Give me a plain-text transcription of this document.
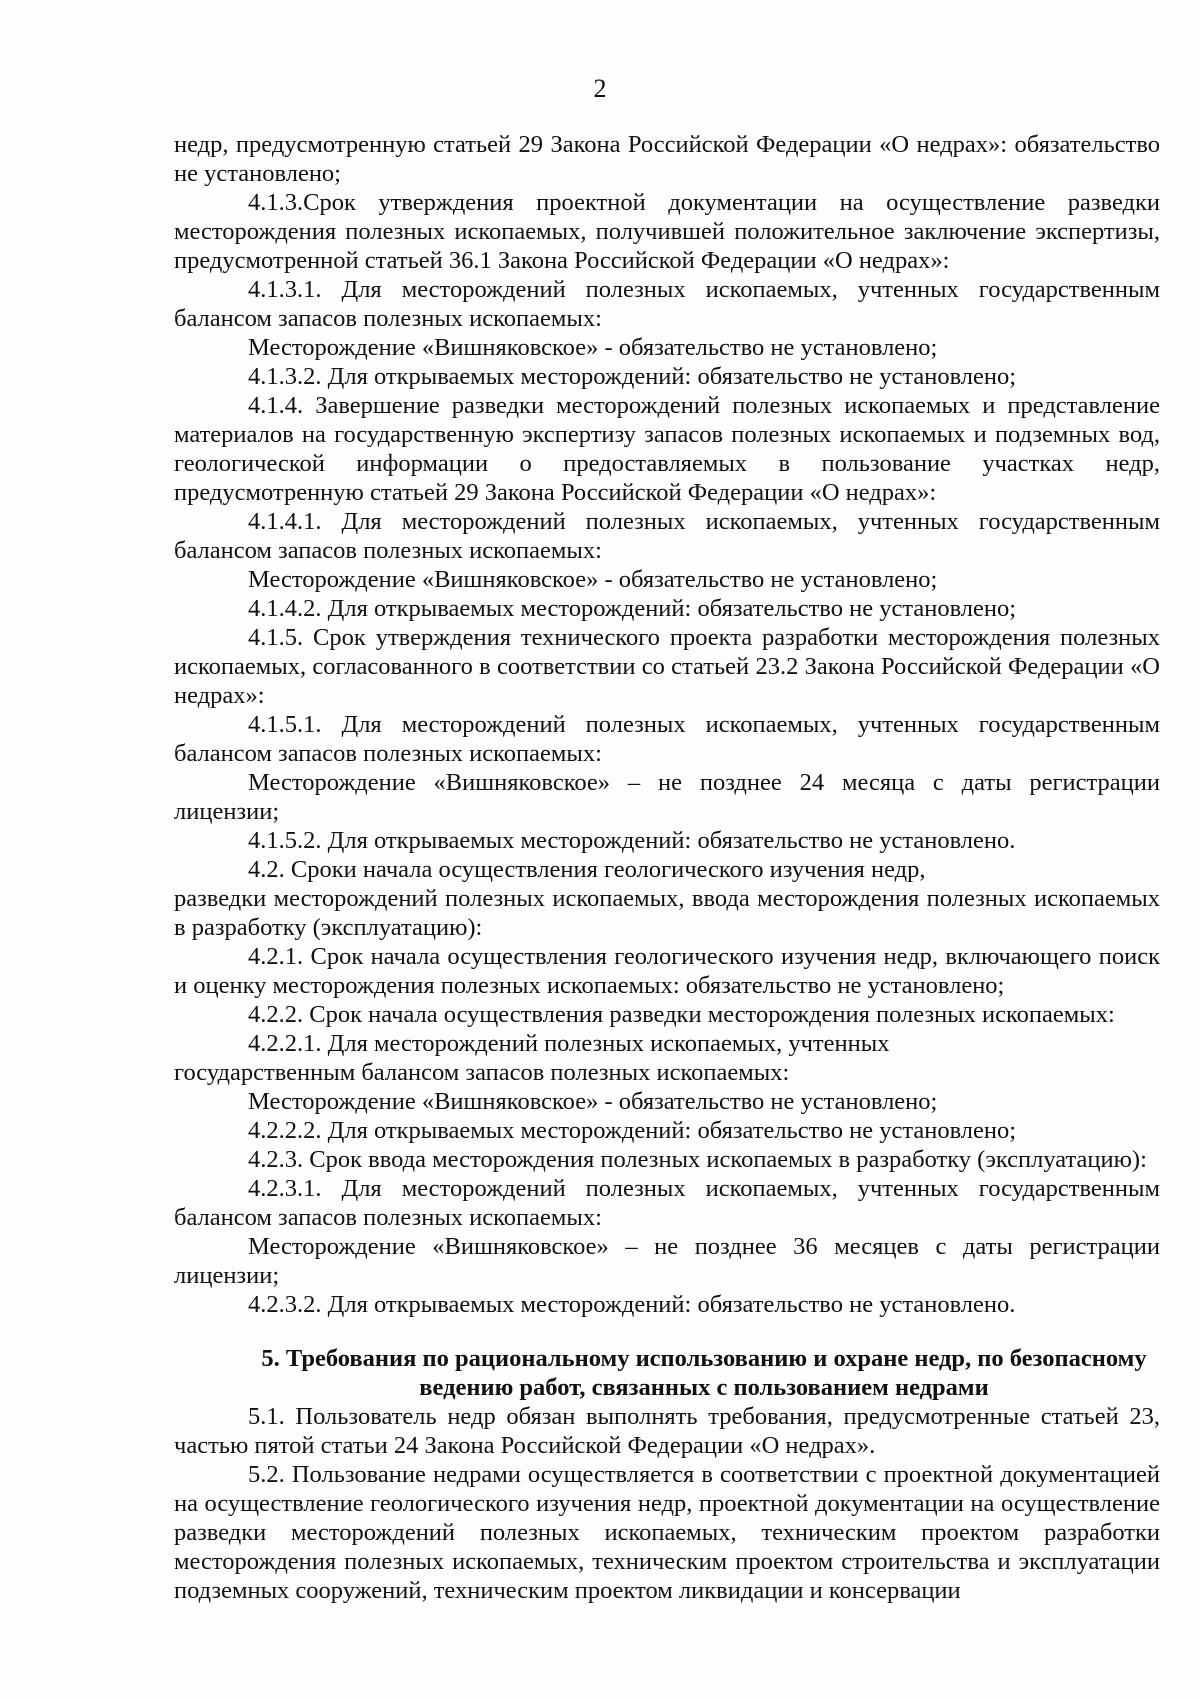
2

недр, предусмотренную статьей 29 Закона Российской Федерации «О недрах»: обязательство не установлено;

4.1.3.Срок утверждения проектной документации на осуществление разведки месторождения полезных ископаемых, получившей положительное заключение экспертизы, предусмотренной статьей 36.1 Закона Российской Федерации «О недрах»:

4.1.3.1. Для месторождений полезных ископаемых, учтенных государственным балансом запасов полезных ископаемых:

Месторождение «Вишняковское» - обязательство не установлено;

4.1.3.2. Для открываемых месторождений: обязательство не установлено;

4.1.4. Завершение разведки месторождений полезных ископаемых и представление материалов на государственную экспертизу запасов полезных ископаемых и подземных вод, геологической информации о предоставляемых в пользование участках недр, предусмотренную статьей 29 Закона Российской Федерации «О недрах»:

4.1.4.1. Для месторождений полезных ископаемых, учтенных государственным балансом запасов полезных ископаемых:

Месторождение «Вишняковское» - обязательство не установлено;

4.1.4.2. Для открываемых месторождений: обязательство не установлено;

4.1.5. Срок утверждения технического проекта разработки месторождения полезных ископаемых, согласованного в соответствии со статьей 23.2 Закона Российской Федерации «О недрах»:

4.1.5.1. Для месторождений полезных ископаемых, учтенных государственным балансом запасов полезных ископаемых:

Месторождение «Вишняковское» – не позднее 24 месяца с даты регистрации лицензии;

4.1.5.2. Для открываемых месторождений: обязательство не установлено.

4.2. Сроки начала осуществления геологического изучения недр,

разведки месторождений полезных ископаемых, ввода месторождения полезных ископаемых в разработку (эксплуатацию):

4.2.1. Срок начала осуществления геологического изучения недр, включающего поиск и оценку месторождения полезных ископаемых: обязательство не установлено;

4.2.2. Срок начала осуществления разведки месторождения полезных ископаемых:

4.2.2.1. Для месторождений полезных ископаемых, учтенных

государственным балансом запасов полезных ископаемых:

Месторождение «Вишняковское» - обязательство не установлено;

4.2.2.2. Для открываемых месторождений: обязательство не установлено;

4.2.3. Срок ввода месторождения полезных ископаемых в разработку (эксплуатацию):

4.2.3.1. Для месторождений полезных ископаемых, учтенных государственным балансом запасов полезных ископаемых:

Месторождение «Вишняковское» – не позднее 36 месяцев с даты регистрации лицензии;

4.2.3.2. Для открываемых месторождений: обязательство не установлено.

5. Требования по рациональному использованию и охране недр, по безопасному ведению работ, связанных с пользованием недрами

5.1. Пользователь недр обязан выполнять требования, предусмотренные статьей 23, частью пятой статьи 24 Закона Российской Федерации «О недрах».

5.2. Пользование недрами осуществляется в соответствии с проектной документацией на осуществление геологического изучения недр, проектной документации на осуществление разведки месторождений полезных ископаемых, техническим проектом разработки месторождения полезных ископаемых, техническим проектом строительства и эксплуатации подземных сооружений, техническим проектом ликвидации и консервации
